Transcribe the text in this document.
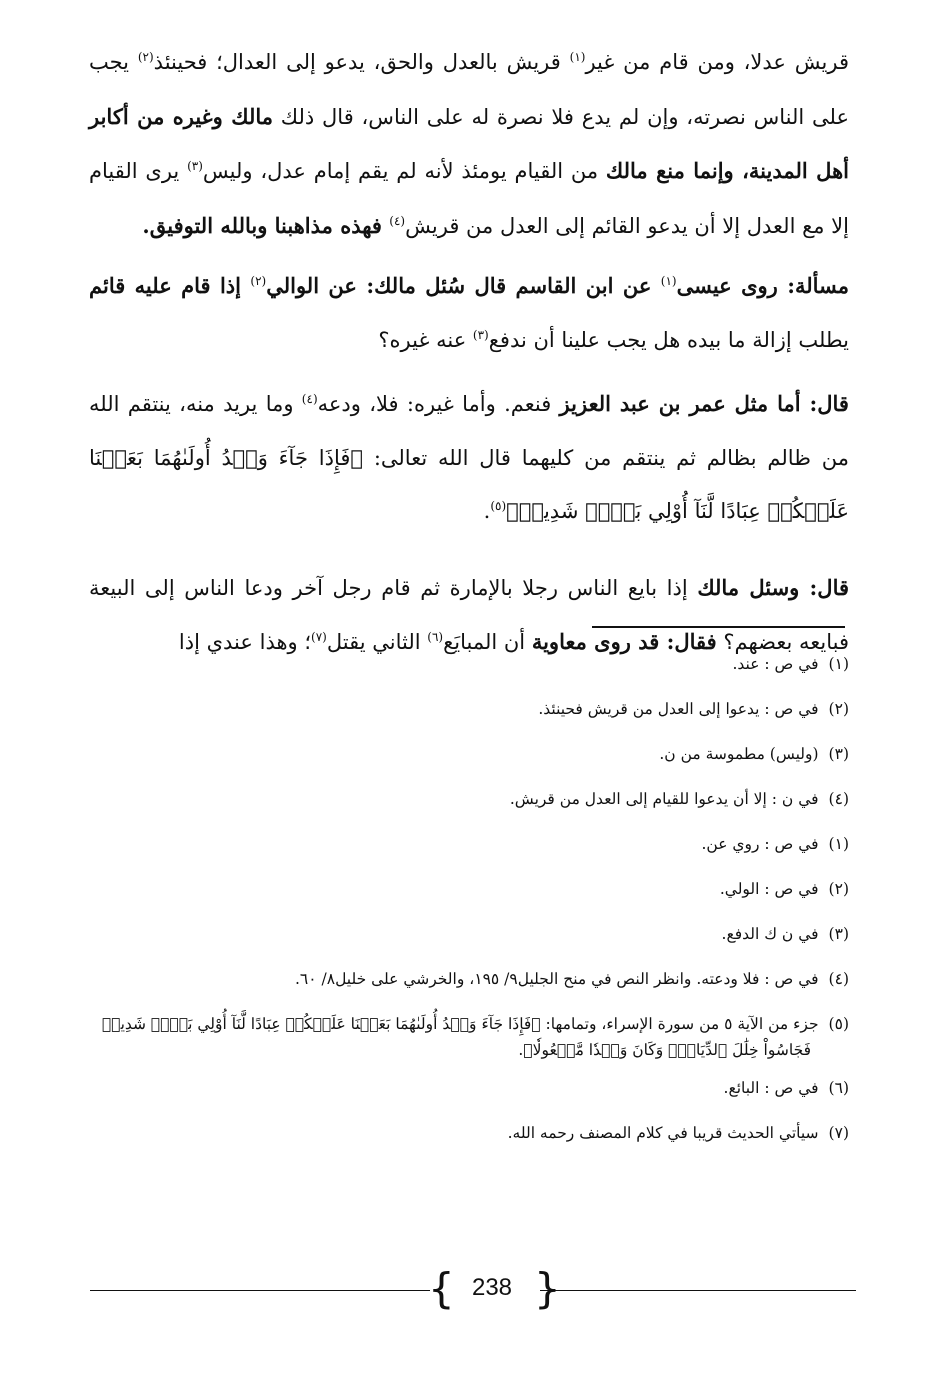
قريش عدلا، ومن قام من غير$^{(١)}$ قريش بالعدل والحق، يدعو إلى العدال؛ فحينئذ$^{(٢)}$ يجب على الناس نصرته، وإن لم يدع فلا نصرة له على الناس، قال ذلك مالك وغيره من أكابر أهل المدينة، وإنما منع مالك من القيام يومئذ لأنه لم يقم إمام عدل، وليس$^{(٣)}$ يرى القيام إلا مع العدل إلا أن يدعو القائم إلى العدل من قريش$^{(٤)}$ فهذه مذاهبنا وبالله التوفيق.

مسألة: روى عيسى$^{(١)}$ عن ابن القاسم قال سُئل مالك: عن الوالي$^{(٢)}$ إذا قام عليه قائم يطلب إزالة ما بيده هل يجب علينا أن ندفع$^{(٣)}$ عنه غيره؟

قال: أما مثل عمر بن عبد العزيز فنعم. وأما غيره: فلا، ودعه$^{(٤)}$ وما يريد منه، ينتقم الله من ظالم بظالم ثم ينتقم من كليهما قال الله تعالى: ﴿فَإِذَا جَآءَ وَعۡدُ أُولَىٰهُمَا بَعَثۡنَا عَلَيۡكُمۡ عِبَادًا لَّنَآ أُوْلِي بَأۡسٖ شَدِيدٖ﴾$^{(٥)}$.

قال: وسئل مالك إذا بايع الناس رجلا بالإمارة ثم قام رجل آخر ودعا الناس إلى البيعة فبايعه بعضهم؟ فقال: قد روى معاوية أن المبايَع$^{(٦)}$ الثاني يقتل$^{(٧)}$؛ وهذا عندي إذا

(١)في ص : عند.
(٢)في ص : يدعوا إلى العدل من قريش فحينئذ.
(٣)(وليس) مطموسة من ن.
(٤)في ن : إلا أن يدعوا للقيام إلى العدل من قريش.
(١)في ص : روي عن.
(٢)في ص : الولي.
(٣)في ن ك الدفع.
(٤)في ص : فلا ودعته. وانظر النص في منح الجليل٩/ ١٩٥، والخرشي على خليل٨/ ٦٠.
(٥)جزء من الآية ٥ من سورة الإسراء، وتمامها: ﴿فَإِذَا جَآءَ وَعۡدُ أُولَىٰهُمَا بَعَثۡنَا عَلَيۡكُمۡ عِبَادًا لَّنَآ أُوْلِي بَأۡسٖ شَدِيدٖ
فَجَاسُواْ خِلَٰلَ ٱلدِّيَارِۚ وَكَانَ وَعۡدٗا مَّفۡعُولٗا﴾.
(٦)في ص : البائع.
(٧)سيأتي الحديث قريبا في كلام المصنف رحمه الله.
{ 238 }
